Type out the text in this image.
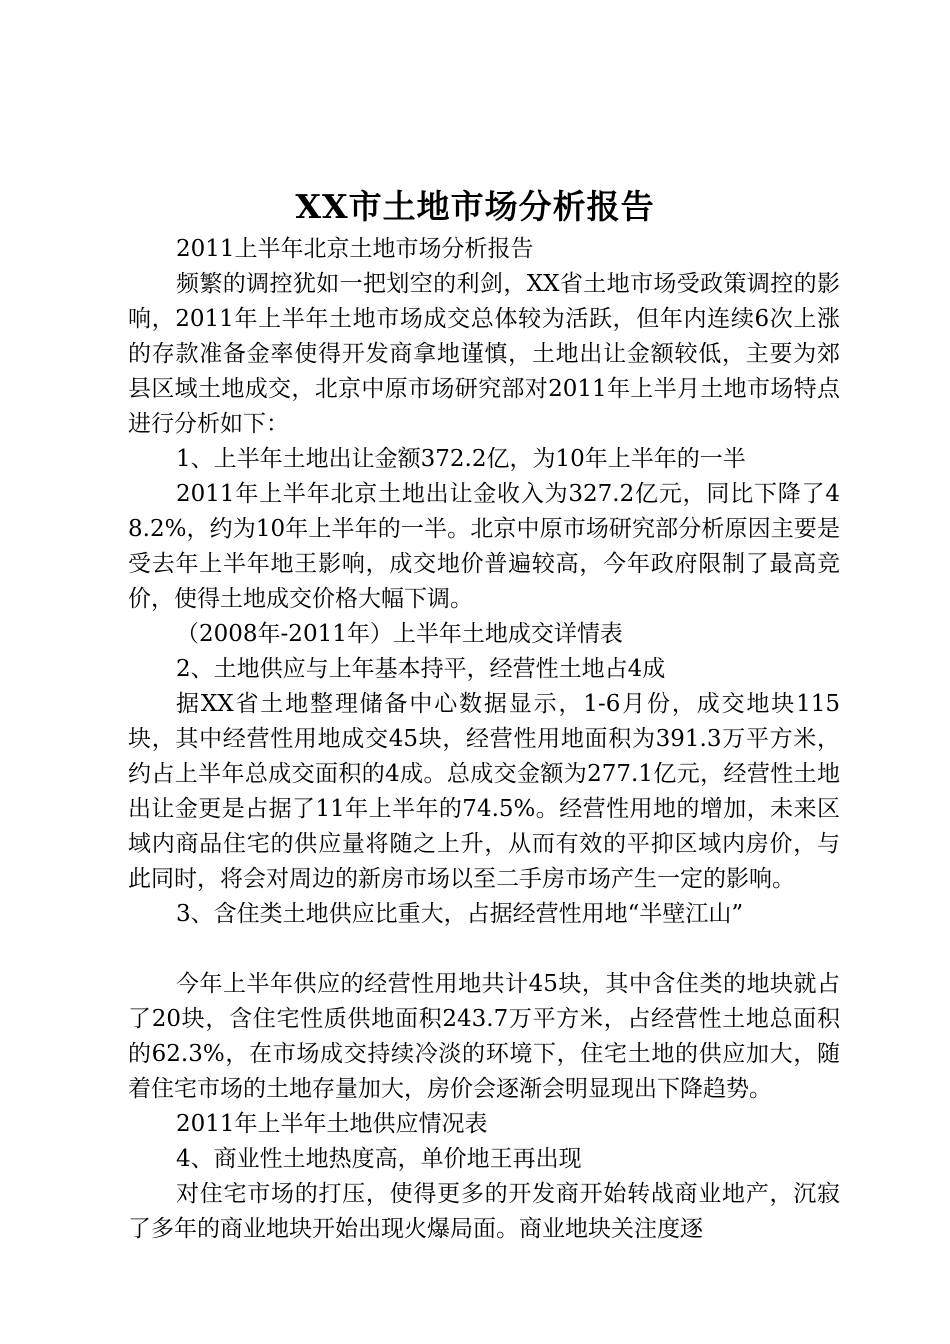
XX市土地市场分析报告

2011上半年北京土地市场分析报告

频繁的调控犹如一把划空的利剑，XX省土地市场受政策调控的影响，2011年上半年土地市场成交总体较为活跃，但年内连续6次上涨的存款准备金率使得开发商拿地谨慎，土地出让金额较低，主要为郊县区域土地成交，北京中原市场研究部对2011年上半月土地市场特点进行分析如下：

1、上半年土地出让金额372.2亿，为10年上半年的一半

2011年上半年北京土地出让金收入为327.2亿元，同比下降了48.2%，约为10年上半年的一半。北京中原市场研究部分析原因主要是受去年上半年地王影响，成交地价普遍较高，今年政府限制了最高竞价，使得土地成交价格大幅下调。

（2008年-2011年）上半年土地成交详情表

2、土地供应与上年基本持平，经营性土地占4成

据XX省土地整理储备中心数据显示，1-6月份，成交地块115块，其中经营性用地成交45块，经营性用地面积为391.3万平方米，约占上半年总成交面积的4成。总成交金额为277.1亿元，经营性土地出让金更是占据了11年上半年的74.5%。经营性用地的增加，未来区域内商品住宅的供应量将随之上升，从而有效的平抑区域内房价，与此同时，将会对周边的新房市场以至二手房市场产生一定的影响。

3、含住类土地供应比重大，占据经营性用地“半壁江山”

今年上半年供应的经营性用地共计45块，其中含住类的地块就占了20块，含住宅性质供地面积243.7万平方米，占经营性土地总面积的62.3%，在市场成交持续冷淡的环境下，住宅土地的供应加大，随着住宅市场的土地存量加大，房价会逐渐会明显现出下降趋势。

2011年上半年土地供应情况表

4、商业性土地热度高，单价地王再出现

对住宅市场的打压，使得更多的开发商开始转战商业地产，沉寂了多年的商业地块开始出现火爆局面。商业地块关注度逐
